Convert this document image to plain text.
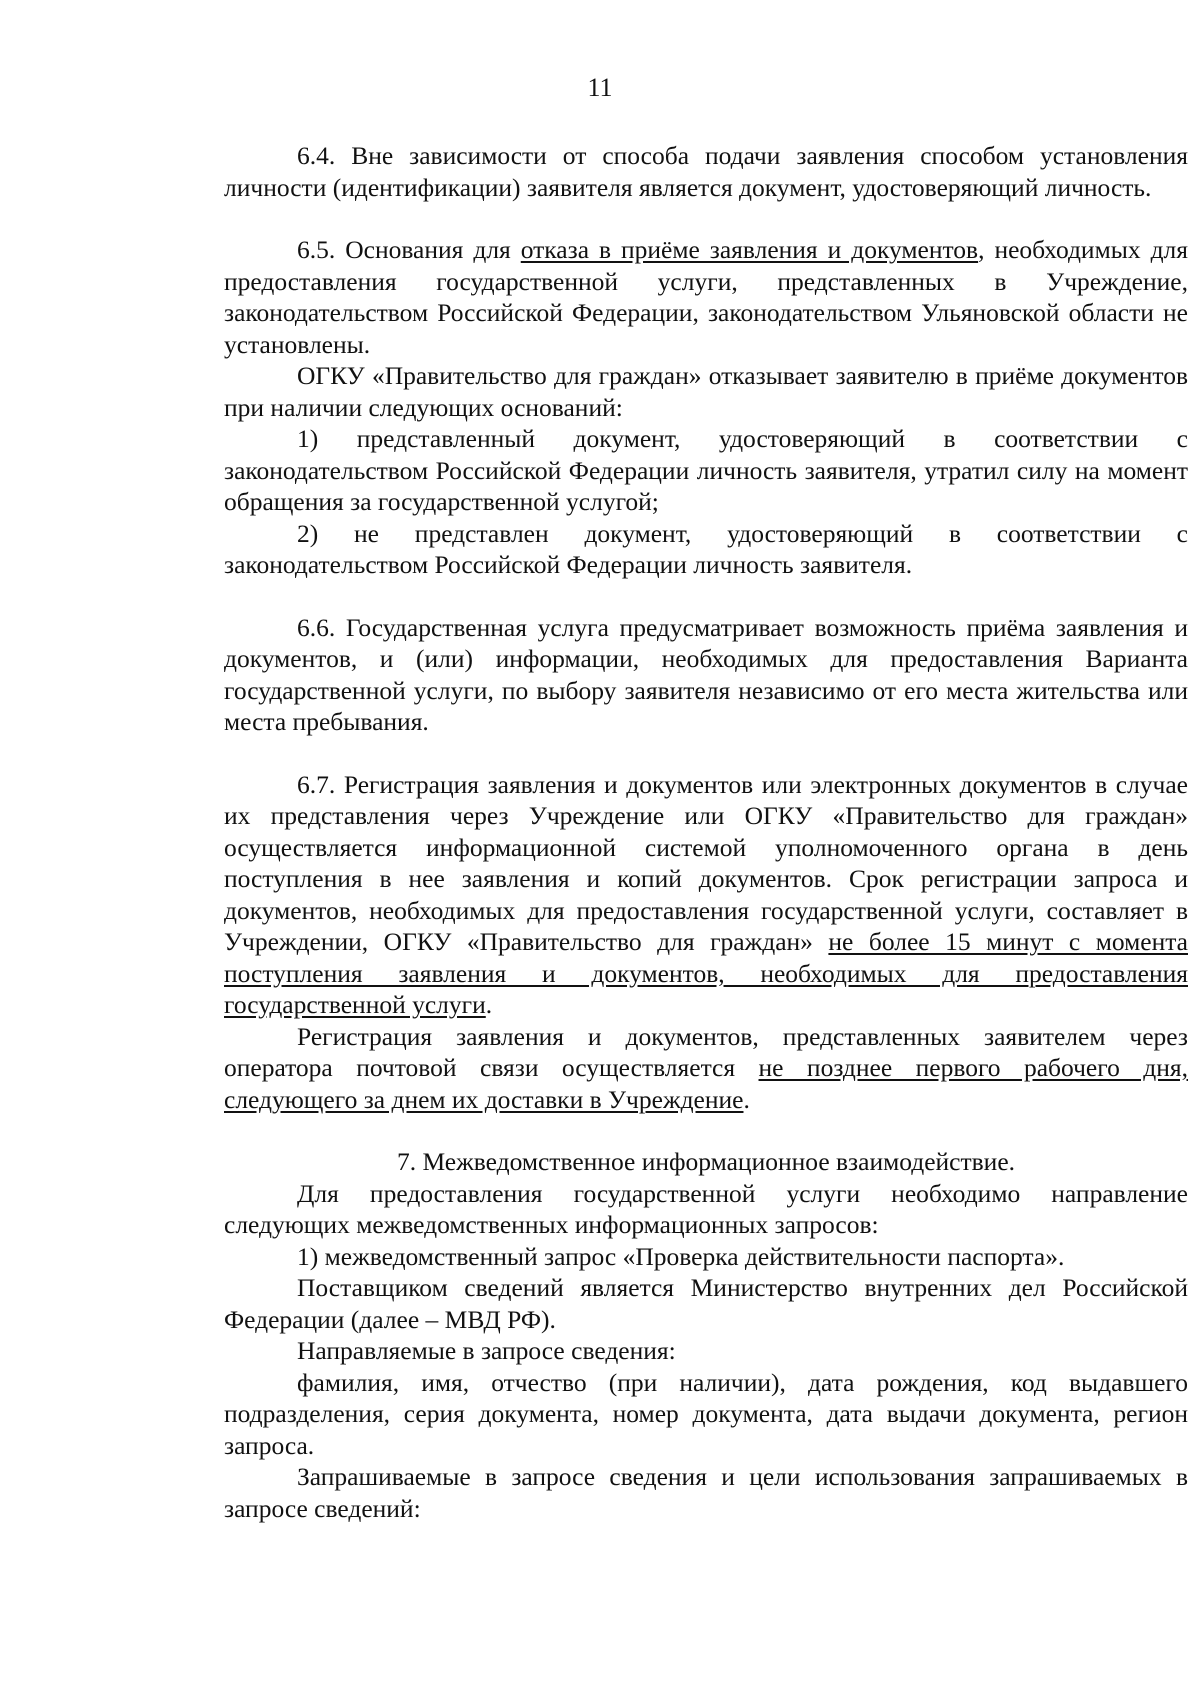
11

6.4. Вне зависимости от способа подачи заявления способом установления личности (идентификации) заявителя является документ, удостоверяющий личность.

6.5. Основания для отказа в приёме заявления и документов, необходимых для предоставления государственной услуги, представленных в Учреждение, законодательством Российской Федерации, законодательством Ульяновской области не установлены.

ОГКУ «Правительство для граждан» отказывает заявителю в приёме документов при наличии следующих оснований:

1) представленный документ, удостоверяющий в соответствии с законодательством Российской Федерации личность заявителя, утратил силу на момент обращения за государственной услугой;

2) не представлен документ, удостоверяющий в соответствии с законодательством Российской Федерации личность заявителя.

6.6. Государственная услуга предусматривает возможность приёма заявления и документов, и (или) информации, необходимых для предоставления Варианта государственной услуги, по выбору заявителя независимо от его места жительства или места пребывания.

6.7. Регистрация заявления и документов или электронных документов в случае их представления через Учреждение или ОГКУ «Правительство для граждан» осуществляется информационной системой уполномоченного органа в день поступления в нее заявления и копий документов. Срок регистрации запроса и документов, необходимых для предоставления государственной услуги, составляет в Учреждении, ОГКУ «Правительство для граждан» не более 15 минут с момента поступления заявления и документов, необходимых для предоставления государственной услуги.

Регистрация заявления и документов, представленных заявителем через оператора почтовой связи осуществляется не позднее первого рабочего дня, следующего за днем их доставки в Учреждение.

7. Межведомственное информационное взаимодействие.

Для предоставления государственной услуги необходимо направление следующих межведомственных информационных запросов:

1) межведомственный запрос «Проверка действительности паспорта».

Поставщиком сведений является Министерство внутренних дел Российской Федерации (далее – МВД РФ).

Направляемые в запросе сведения:

фамилия, имя, отчество (при наличии), дата рождения, код выдавшего подразделения, серия документа, номер документа, дата выдачи документа, регион запроса.

Запрашиваемые в запросе сведения и цели использования запрашиваемых в запросе сведений:
